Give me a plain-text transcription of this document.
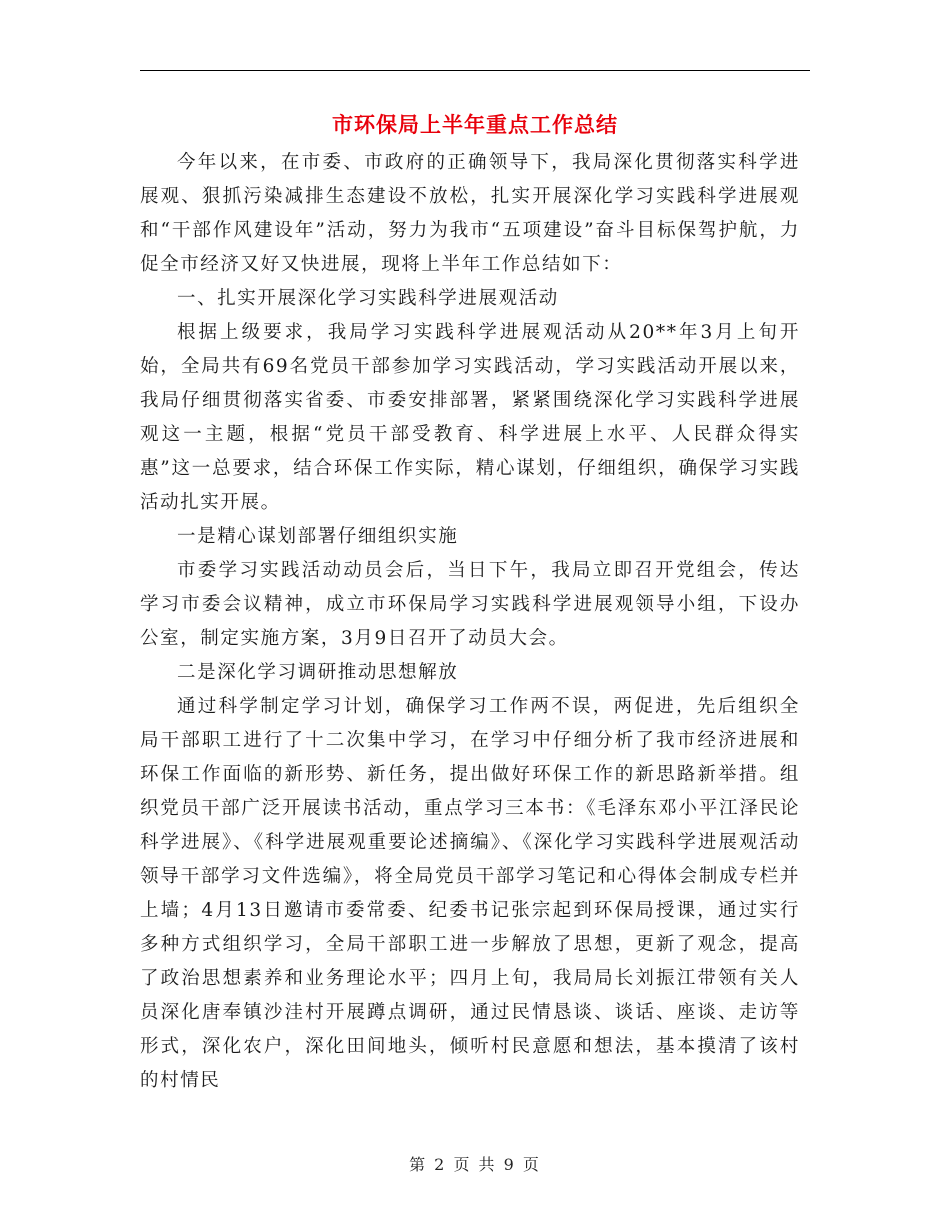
市环保局上半年重点工作总结

今年以来，在市委、市政府的正确领导下，我局深化贯彻落实科学进展观、狠抓污染减排生态建设不放松，扎实开展深化学习实践科学进展观和“干部作风建设年”活动，努力为我市“五项建设”奋斗目标保驾护航，力促全市经济又好又快进展，现将上半年工作总结如下：

一、扎实开展深化学习实践科学进展观活动

根据上级要求，我局学习实践科学进展观活动从20**年3月上旬开始，全局共有69名党员干部参加学习实践活动，学习实践活动开展以来，我局仔细贯彻落实省委、市委安排部署，紧紧围绕深化学习实践科学进展观这一主题，根据“党员干部受教育、科学进展上水平、人民群众得实惠”这一总要求，结合环保工作实际，精心谋划，仔细组织，确保学习实践活动扎实开展。

一是精心谋划部署仔细组织实施

市委学习实践活动动员会后，当日下午，我局立即召开党组会，传达学习市委会议精神，成立市环保局学习实践科学进展观领导小组，下设办公室，制定实施方案，3月9日召开了动员大会。

二是深化学习调研推动思想解放

通过科学制定学习计划，确保学习工作两不误，两促进，先后组织全局干部职工进行了十二次集中学习，在学习中仔细分析了我市经济进展和环保工作面临的新形势、新任务，提出做好环保工作的新思路新举措。组织党员干部广泛开展读书活动，重点学习三本书：《毛泽东邓小平江泽民论科学进展》、《科学进展观重要论述摘编》、《深化学习实践科学进展观活动领导干部学习文件选编》，将全局党员干部学习笔记和心得体会制成专栏并上墙；4月13日邀请市委常委、纪委书记张宗起到环保局授课，通过实行多种方式组织学习，全局干部职工进一步解放了思想，更新了观念，提高了政治思想素养和业务理论水平；四月上旬，我局局长刘振江带领有关人员深化唐奉镇沙洼村开展蹲点调研，通过民情恳谈、谈话、座谈、走访等形式，深化农户，深化田间地头，倾听村民意愿和想法，基本摸清了该村的村情民

第 2 页 共 9 页
